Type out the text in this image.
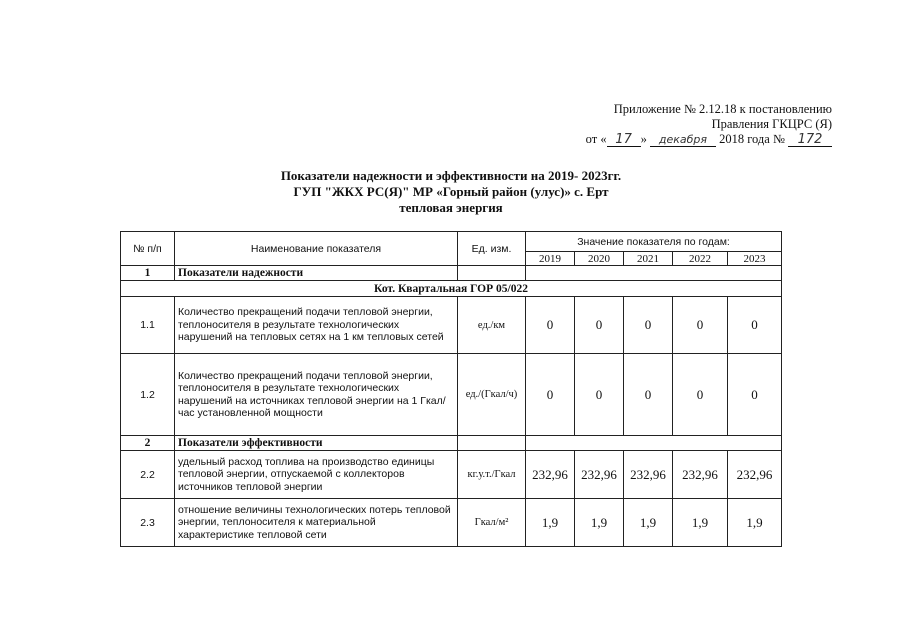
Приложение № 2.12.18 к постановлению
Правления ГКЦРС (Я)
от « 17 » декабря 2018 года № 172
Показатели надежности и эффективности на 2019- 2023гг.
ГУП "ЖКХ РС(Я)" МР «Горный район (улус)» с. Ерт
тепловая энергия
№ п/п	Наименование показателя	Ед. изм.	Значение показателя по годам:				
			2019	2020	2021	2022	2023
1	Показатели надежности						
Кот. Квартальная ГОР 05/022							
1.1	Количество прекращений подачи тепловой энергии, теплоносителя в результате технологических нарушений на тепловых сетях на 1 км тепловых сетей	ед./км	0	0	0	0	0
1.2	Количество прекращений подачи тепловой энергии, теплоносителя в результате технологических нарушений на источниках тепловой энергии на 1 Гкал/час установленной мощности	ед./(Гкал/ч)	0	0	0	0	0
2	Показатели эффективности						
2.2	удельный расход топлива на производство единицы тепловой энергии, отпускаемой с коллекторов источников тепловой энергии	кг.у.т./Гкал	232,96	232,96	232,96	232,96	232,96
2.3	отношение величины технологических потерь тепловой энергии, теплоносителя к материальной характеристике тепловой сети	Гкал/м²	1,9	1,9	1,9	1,9	1,9
